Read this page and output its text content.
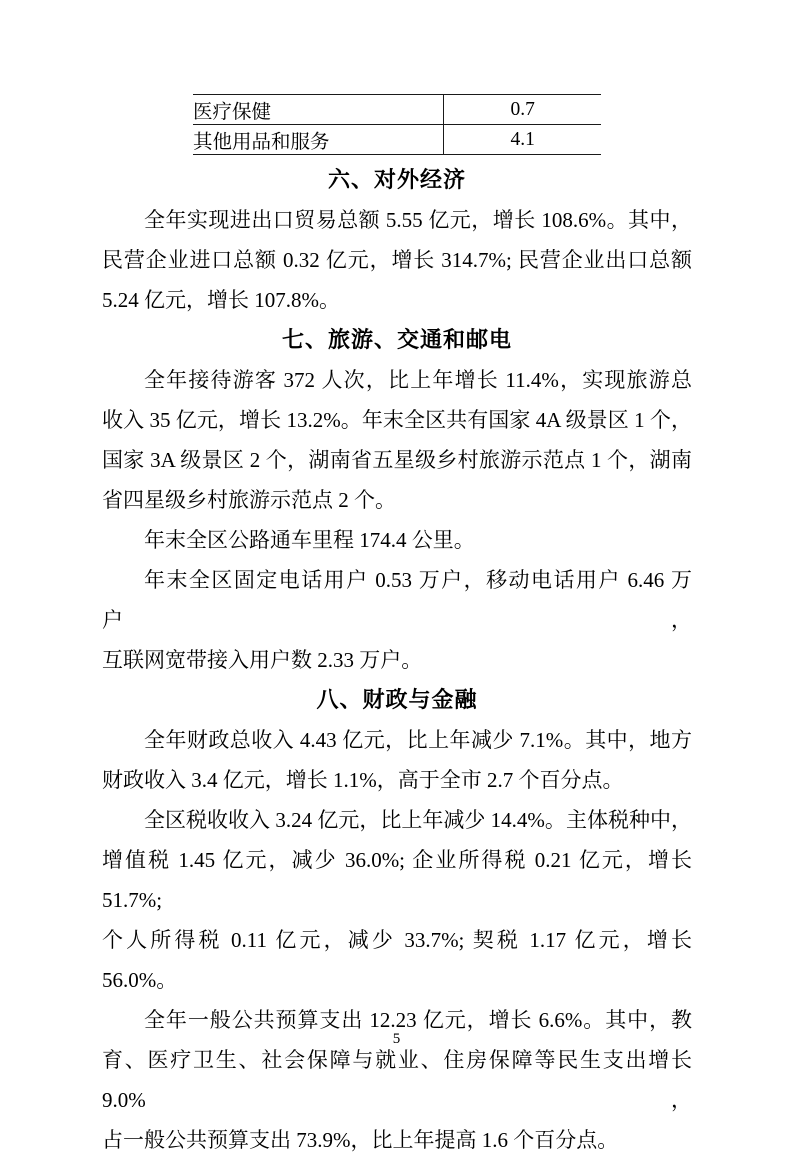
医疗保健	0.7
其他用品和服务	4.1
六、对外经济
全年实现进出口贸易总额 5.55 亿元，增长 108.6%。其中，
民营企业进口总额 0.32 亿元，增长 314.7%; 民营企业出口总额
5.24 亿元，增长 107.8%。
七、旅游、交通和邮电
全年接待游客 372 人次，比上年增长 11.4%，实现旅游总
收入 35 亿元，增长 13.2%。年末全区共有国家 4A 级景区 1 个，
国家 3A 级景区 2 个，湖南省五星级乡村旅游示范点 1 个，湖南
省四星级乡村旅游示范点 2 个。
年末全区公路通车里程 174.4 公里。
年末全区固定电话用户 0.53 万户，移动电话用户 6.46 万户，
互联网宽带接入用户数 2.33 万户。
八、财政与金融
全年财政总收入 4.43 亿元，比上年减少 7.1%。其中，地方
财政收入 3.4 亿元，增长 1.1%，高于全市 2.7 个百分点。
全区税收收入 3.24 亿元，比上年减少 14.4%。主体税种中，
增值税 1.45 亿元，减少 36.0%; 企业所得税 0.21 亿元，增长 51.7%;
个人所得税 0.11 亿元，减少 33.7%; 契税 1.17 亿元，增长 56.0%。
全年一般公共预算支出 12.23 亿元，增长 6.6%。其中，教
育、医疗卫生、社会保障与就业、住房保障等民生支出增长 9.0%，
占一般公共预算支出 73.9%，比上年提高 1.6 个百分点。
5
